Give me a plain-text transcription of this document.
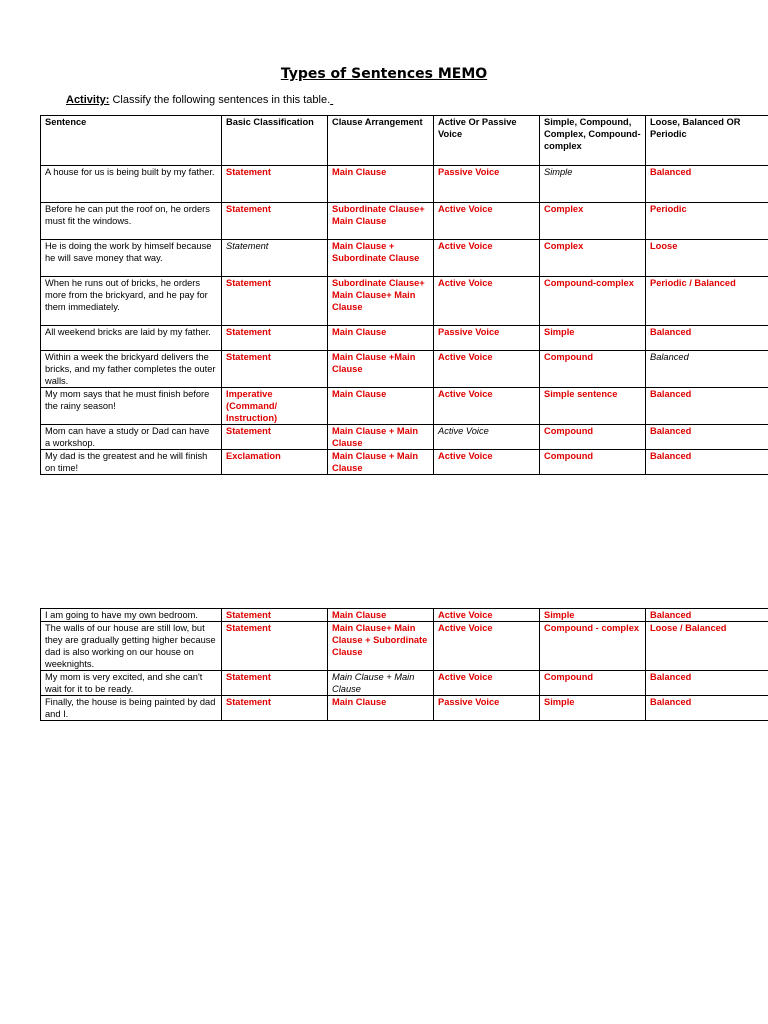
Types of Sentences MEMO
Activity: Classify the following sentences in this table.
Sentence	Basic Classification	Clause Arrangement	Active Or Passive Voice	Simple, Compound, Complex, Compound-complex	Loose, Balanced OR Periodic
A house for us is being built by my father.	Statement	Main Clause	Passive Voice	Simple	Balanced
Before he can put the roof on, he orders must fit the windows.	Statement	Subordinate Clause+ Main Clause	Active Voice	Complex	Periodic
He is doing the work by himself because he will save money that way.	Statement	Main Clause + Subordinate Clause	Active Voice	Complex	Loose
When he runs out of bricks, he orders more from the brickyard, and he pay for them immediately.	Statement	Subordinate Clause+ Main Clause+ Main Clause	Active Voice	Compound-complex	Periodic / Balanced
All weekend bricks are laid by my father.	Statement	Main Clause	Passive Voice	Simple	Balanced
Within a week the brickyard delivers the bricks, and my father completes the outer walls.	Statement	Main Clause +Main Clause	Active Voice	Compound	Balanced
My mom says that he must finish before the rainy season!	Imperative (Command/ Instruction)	Main Clause	Active Voice	Simple sentence	Balanced
Mom can have a study or Dad can have a workshop.	Statement	Main Clause + Main Clause	Active Voice	Compound	Balanced
My dad is the greatest and he will finish on time!	Exclamation	Main Clause + Main Clause	Active Voice	Compound	Balanced
I am going to have my own bedroom.	Statement	Main Clause	Active Voice	Simple	Balanced
The walls of our house are still low, but they are gradually getting higher because dad is also working on our house on weeknights.	Statement	Main Clause+ Main Clause + Subordinate Clause	Active Voice	Compound - complex	Loose / Balanced
My mom is very excited, and she can't wait for it to be ready.	Statement	Main Clause + Main Clause	Active Voice	Compound	Balanced
Finally, the house is being painted by dad and I.	Statement	Main Clause	Passive Voice	Simple	Balanced
